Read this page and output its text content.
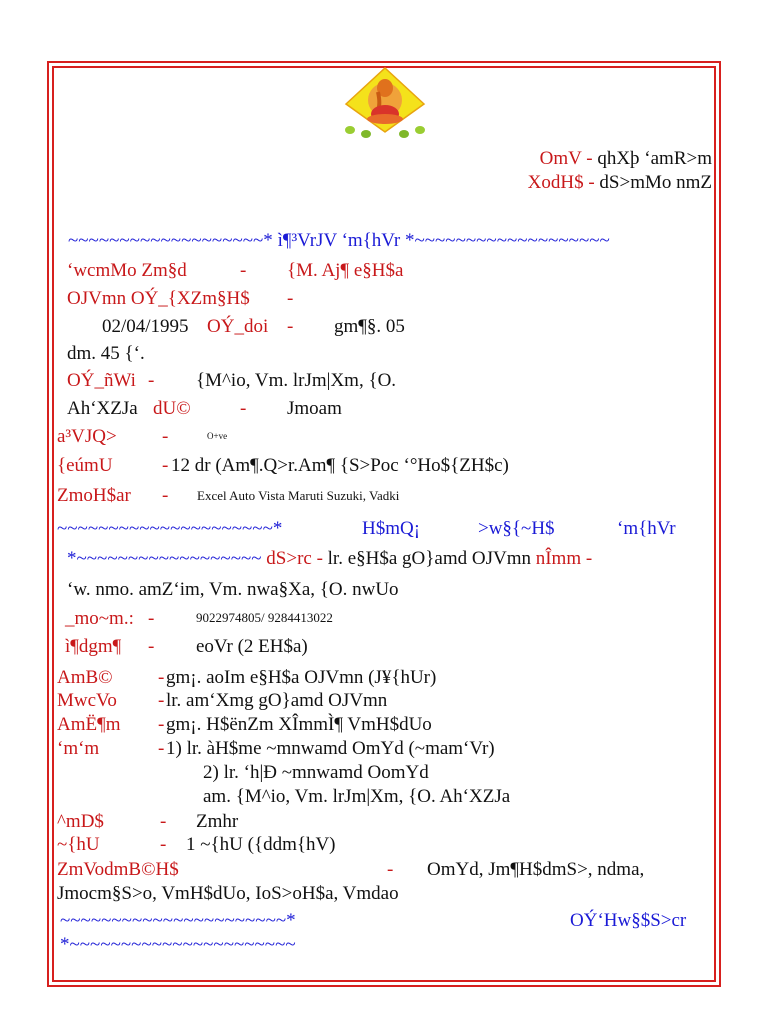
OmV - qhXþ ‘amR>m
XodH$ - dS>mMo nmZ
~~~~~~~~~~~~~~~~~~~* ì¶³VrJV ‘m{hVr *~~~~~~~~~~~~~~~~~~~
‘wcmMo Zm§d	- {M. Aj¶ e§H$a
OJVmn OÝ_{XZm§H$ -
02/04/1995 OÝ_doi - gm¶§. 05
dm. 45 {‘.
OÝ_ñWi - {M^io, Vm. lrJm|Xm, {O.
Ah‘XZJa dU©	- Jmoam
a³VJQ> -	O+ve
{eúmU	- 12 dr (Am¶.Q>r.Am¶ {S>Poc ‘°Ho${ZH$c)
ZmoH$ar - Excel Auto Vista Maruti Suzuki, Vadki
~~~~~~~~~~~~~~~~~~~~~*	H$mQ¡	>w§{~H$	‘m{hVr
*~~~~~~~~~~~~~~~~~~ dS>rc - lr. e§H$a gO}amd OJVmn nÎmm -
‘w. nmo. amZ‘im, Vm. nwa§Xa, {O. nwUo
_mo~m.: -	9022974805/ 9284413022
ì¶dgm¶ - eoVr (2 EH$a)
AmB© - gm¡. aoIm e§H$a OJVmn (J¥{hUr)
MwcVo - lr. am‘Xmg gO}amd OJVmn
AmË¶m - gm¡. H$ënZm XÎmmÌ¶ VmH$dUo
‘m‘m	- 1) lr. àH$me ~mnwamd OmYd (~mam‘Vr)
2) lr. ‘h|Ð ~mnwamd OomYd
am. {M^io, Vm. lrJm|Xm, {O. Ah‘XZJa
^mD$	- Zmhr
~{hU	- 1 ~{hU ({ddm{hV)
ZmVodmB©H$	- OmYd, Jm¶H$dmS>, ndma,
Jmocm§S>o, VmH$dUo, IoS>oH$a, Vmdao
~~~~~~~~~~~~~~~~~~~~~~*	OÝ‘Hw§$S>cr
*~~~~~~~~~~~~~~~~~~~~~~
